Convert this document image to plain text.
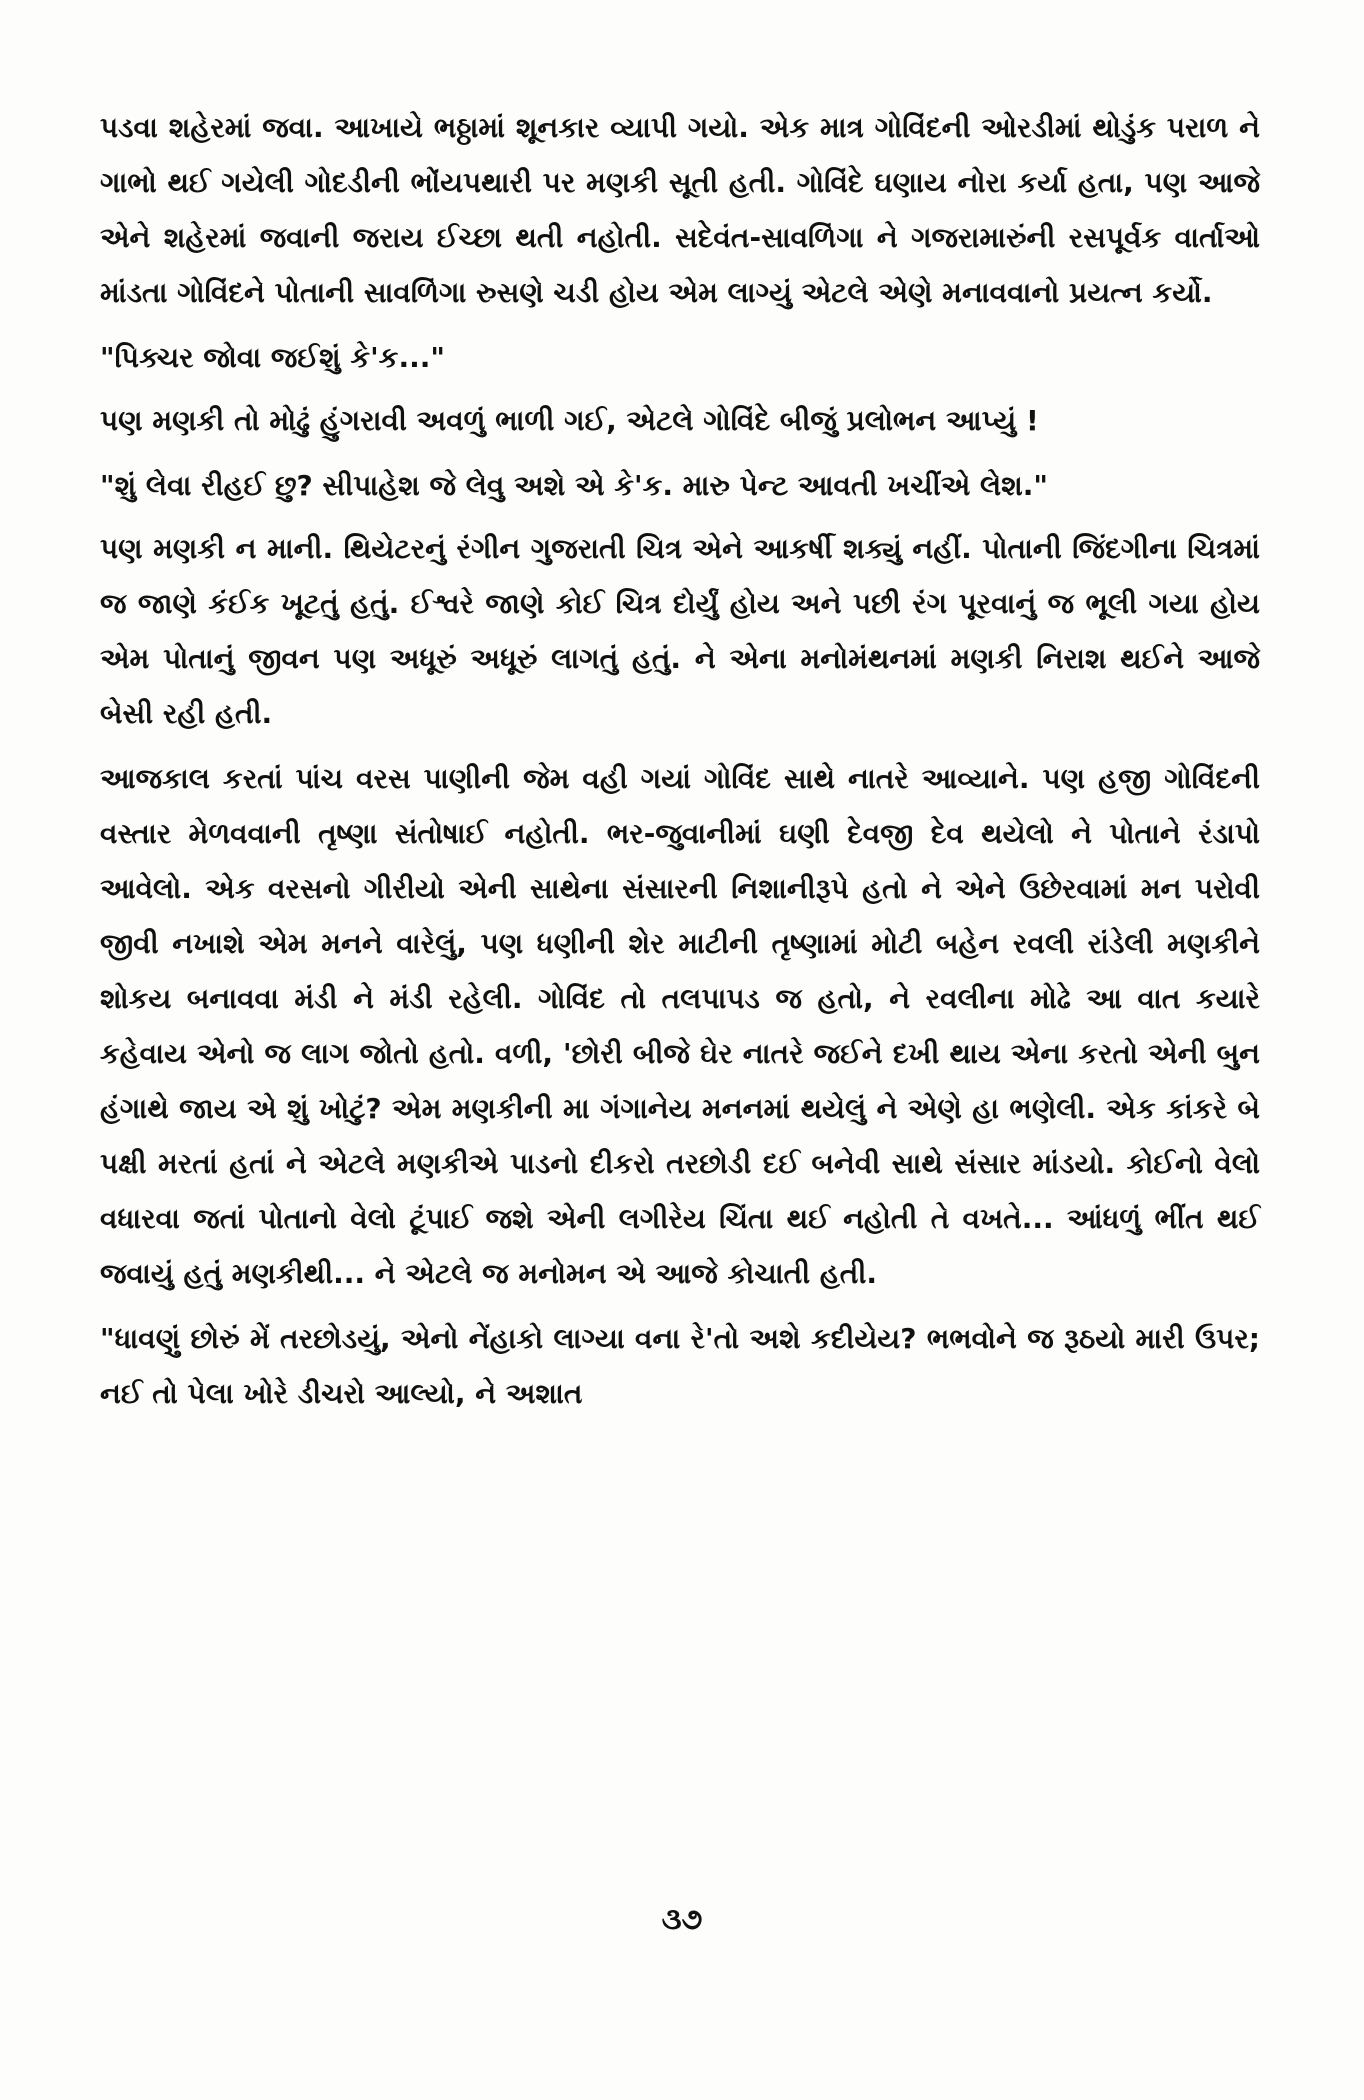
પડવા શહેરમાં જવા. આખાયે ભઠ્ઠામાં શૂનકાર વ્યાપી ગયો. એક માત્ર ગોવિંદની ઓરડીમાં થોડુંક પરાળ ને ગાભો થઈ ગયેલી ગોદડીની ભોંયપથારી પર મણકી સૂતી હતી. ગોવિંદે ઘણાય નોરા કર્યા હતા, પણ આજે એને શહેરમાં જવાની જરાય ઈચ્છા થતી નહોતી. સદેવંત-સાવળિંગા ને ગજરામારુંની રસપૂર્વક વાર્તાઓ માંડતા ગોવિંદને પોતાની સાવળિંગા રુસણે ચડી હોય એમ લાગ્યું એટલે એણે મનાવવાનો પ્રયત્ન કર્યો.

"પિક્ચર જોવા જઈશું કે'ક..."

પણ મણકી તો મોઢું હુંગરાવી અવળું ભાળી ગઈ, એટલે ગોવિંદે બીજું પ્રલોભન આપ્યું !

"શું લેવા રીહઈ છુ? સીપાહેશ જે લેવુ અશે એ કે'ક. મારુ પેન્ટ આવતી ખચીંએ લેશ."

પણ મણકી ન માની. થિયેટરનું રંગીન ગુજરાતી ચિત્ર એને આકર્ષી શક્યું નહીં. પોતાની જિંદગીના ચિત્રમાં જ જાણે કંઈક ખૂટતું હતું. ઈશ્વરે જાણે કોઈ ચિત્ર દોર્યું હોય અને પછી રંગ પૂરવાનું જ ભૂલી ગયા હોય એમ પોતાનું જીવન પણ અધૂરું અધૂરું લાગતું હતું. ને એના મનોમંથનમાં મણકી નિરાશ થઈને આજે બેસી રહી હતી.

આજકાલ કરતાં પાંચ વરસ પાણીની જેમ વહી ગયાં ગોવિંદ સાથે નાતરે આવ્યાને. પણ હજી ગોવિંદની વસ્તાર મેળવવાની તૃષ્ણા સંતોષાઈ નહોતી. ભર-જુવાનીમાં ઘણી દેવજી દેવ થયેલો ને પોતાને રંડાપો આવેલો. એક વરસનો ગીરીયો એની સાથેના સંસારની નિશાનીરૂપે હતો ને એને ઉછેરવામાં મન પરોવી જીવી નખાશે એમ મનને વારેલું, પણ ધણીની શેર માટીની તૃષ્ણામાં મોટી બહેન રવલી રાંડેલી મણકીને શોકય બનાવવા મંડી ને મંડી રહેલી. ગોવિંદ તો તલપાપડ જ હતો, ને રવલીના મોઢે આ વાત કયારે કહેવાય એનો જ લાગ જોતો હતો. વળી, 'છોરી બીજે ઘેર નાતરે જઈને દખી થાય એના કરતો એની બુન હંગાથે જાય એ શું ખોટું? એમ મણકીની મા ગંગાનેય મનનમાં થયેલું ને એણે હા ભણેલી. એક કાંકરે બે પક્ષી મરતાં હતાં ને એટલે મણકીએ પાડનો દીકરો તરછોડી દઈ બનેવી સાથે સંસાર માંડયો. કોઈનો વેલો વધારવા જતાં પોતાનો વેલો ટૂંપાઈ જશે એની લગીરેય ચિંતા થઈ નહોતી તે વખતે... આંધળું ભીંત થઈ જવાયું હતું મણકીથી... ને એટલે જ મનોમન એ આજે કોચાતી હતી.

"ધાવણું છોરું મેં તરછોડયું, એનો નેંહાકો લાગ્યા વના રે'તો અશે કદીયેય? ભભવોને જ રૂઠયો મારી ઉપર; નઈ તો પેલા ખોરે ડીચરો આલ્યો, ને અશાત

૩૭
